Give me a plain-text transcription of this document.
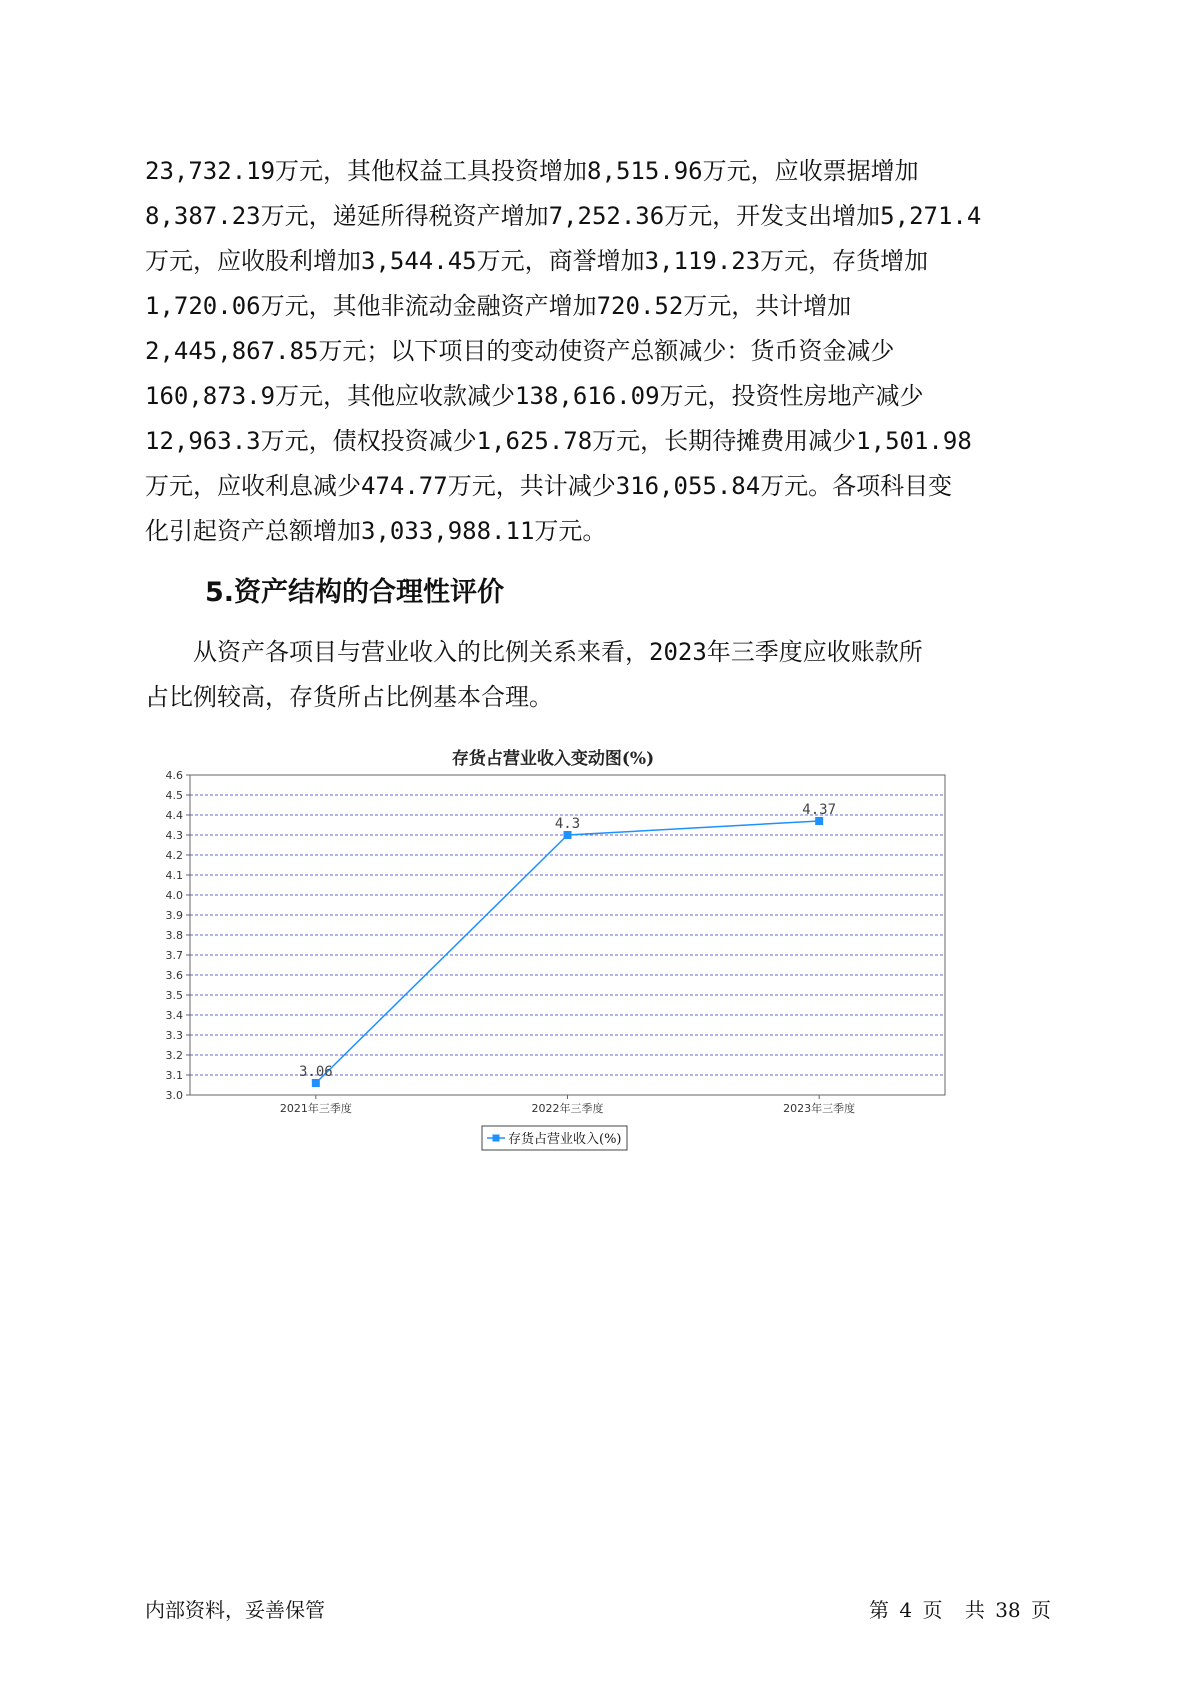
23,732.19万元，其他权益工具投资增加8,515.96万元，应收票据增加
8,387.23万元，递延所得税资产增加7,252.36万元，开发支出增加5,271.4
万元，应收股利增加3,544.45万元，商誉增加3,119.23万元，存货增加
1,720.06万元，其他非流动金融资产增加720.52万元，共计增加
2,445,867.85万元；以下项目的变动使资产总额减少：货币资金减少
160,873.9万元，其他应收款减少138,616.09万元，投资性房地产减少
12,963.3万元，债权投资减少1,625.78万元，长期待摊费用减少1,501.98
万元，应收利息减少474.77万元，共计减少316,055.84万元。各项科目变
化引起资产总额增加3,033,988.11万元。
5.资产结构的合理性评价
　　从资产各项目与营业收入的比例关系来看，2023年三季度应收账款所
占比例较高，存货所占比例基本合理。
存货占营业收入变动图(%)
3.0
3.1
3.2
3.3
3.4
3.5
3.6
3.7
3.8
3.9
4.0
4.1
4.2
4.3
4.4
4.5
4.6
2021年三季度	2022年三季度	2023年三季度
3.06
4.3
4.37
存货占营业收入(%)
内部资料，妥善保管	第 4 页 共 38 页
